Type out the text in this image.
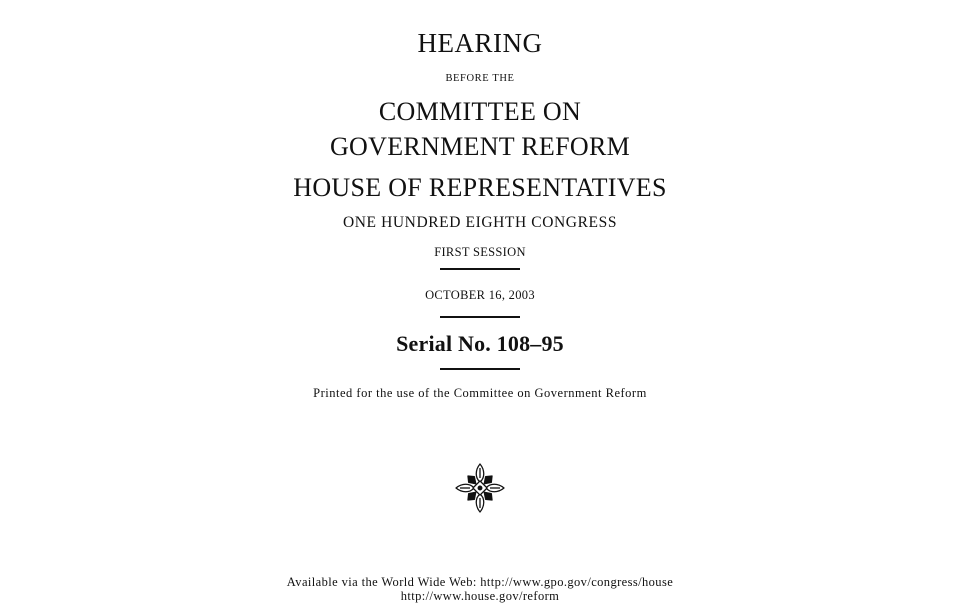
HEARING
BEFORE THE
COMMITTEE ON
GOVERNMENT REFORM
HOUSE OF REPRESENTATIVES
ONE HUNDRED EIGHTH CONGRESS
FIRST SESSION
OCTOBER 16, 2003
Serial No. 108–95
Printed for the use of the Committee on Government Reform
Available via the World Wide Web: http://www.gpo.gov/congress/house
http://www.house.gov/reform
